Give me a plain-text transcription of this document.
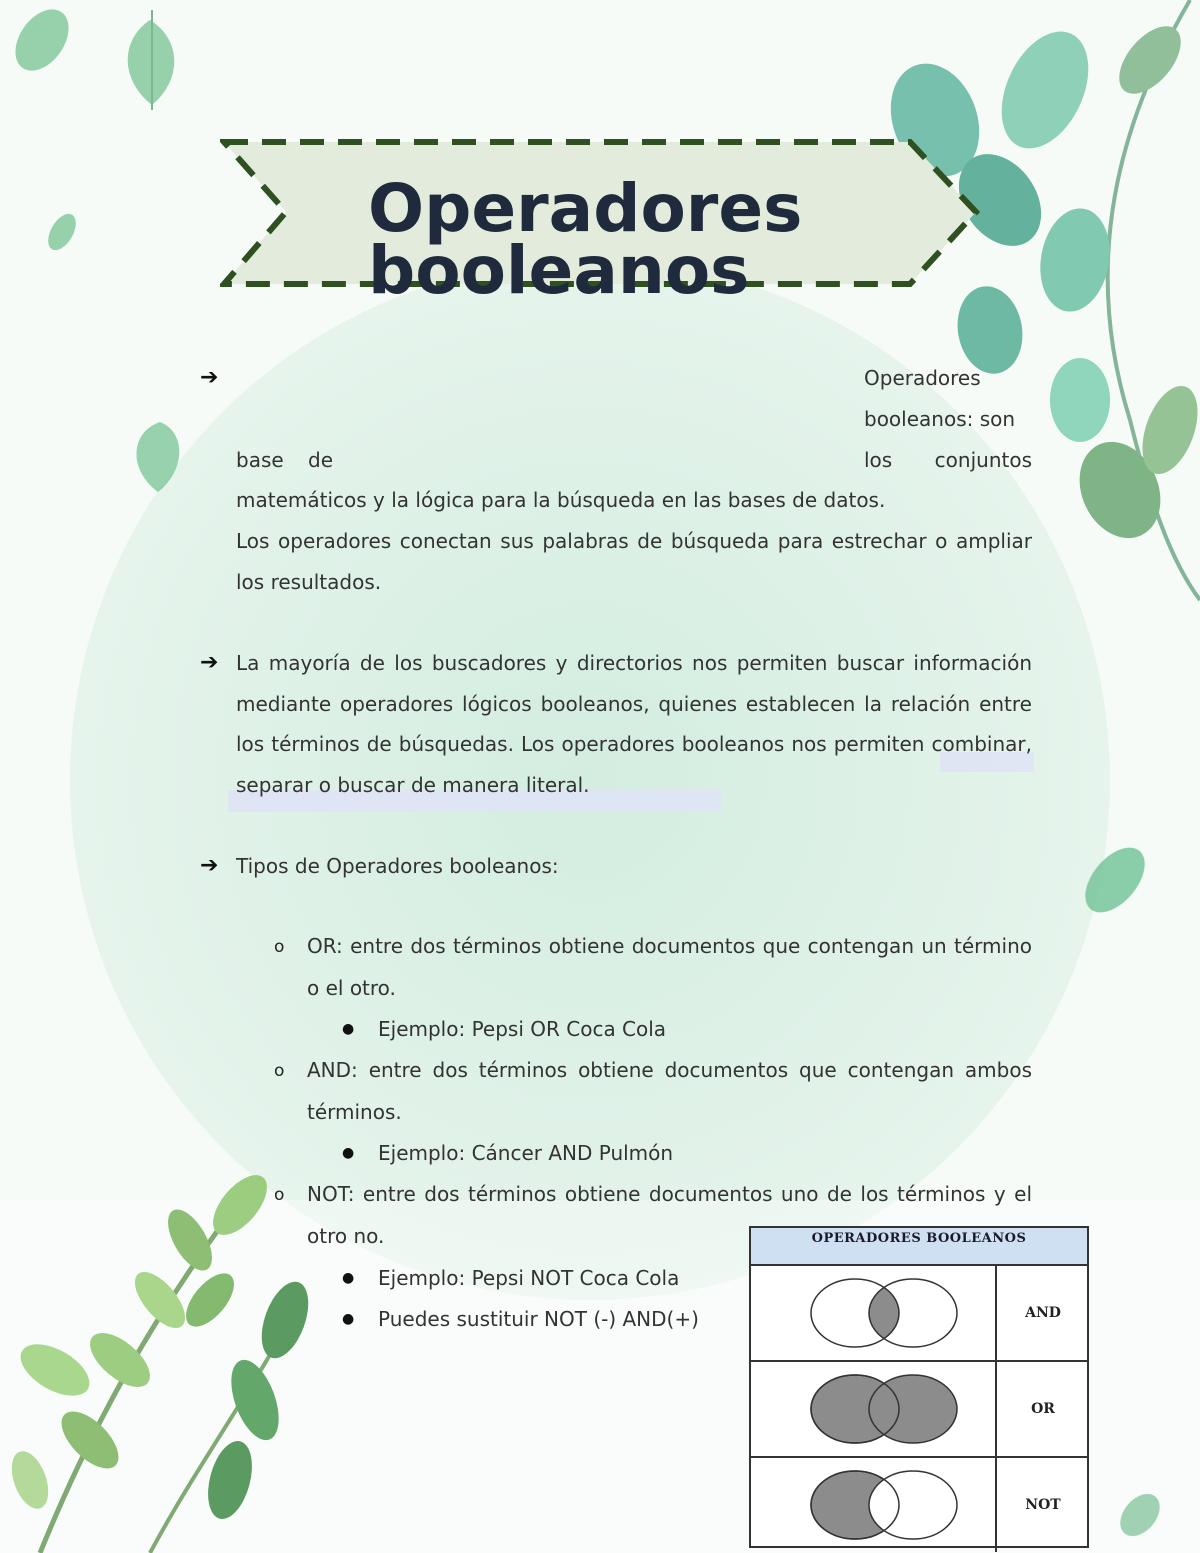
Operadores booleanos
➔	Operadores booleanos: son
base de	los conjuntos

matemáticos y la lógica para la búsqueda en las bases de datos.

Los operadores conectan sus palabras de búsqueda para estrechar o ampliar los resultados.

➔ La mayoría de los buscadores y directorios nos permiten buscar información mediante operadores lógicos booleanos, quienes establecen la relación entre los términos de búsquedas. Los operadores booleanos nos permiten combinar, separar o buscar de manera literal.

➔ Tipos de Operadores booleanos:

o OR: entre dos términos obtiene documentos que contengan un término o el otro.

● Ejemplo: Pepsi OR Coca Cola
o AND: entre dos términos obtiene documentos que contengan ambos términos.

● Ejemplo: Cáncer AND Pulmón
o NOT: entre dos términos obtiene documentos uno de los términos y el otro no.

● Ejemplo: Pepsi NOT Coca Cola
● Puedes sustituir NOT (-) AND(+)
OPERADORES BOOLEANOS
AND
OR
NOT
